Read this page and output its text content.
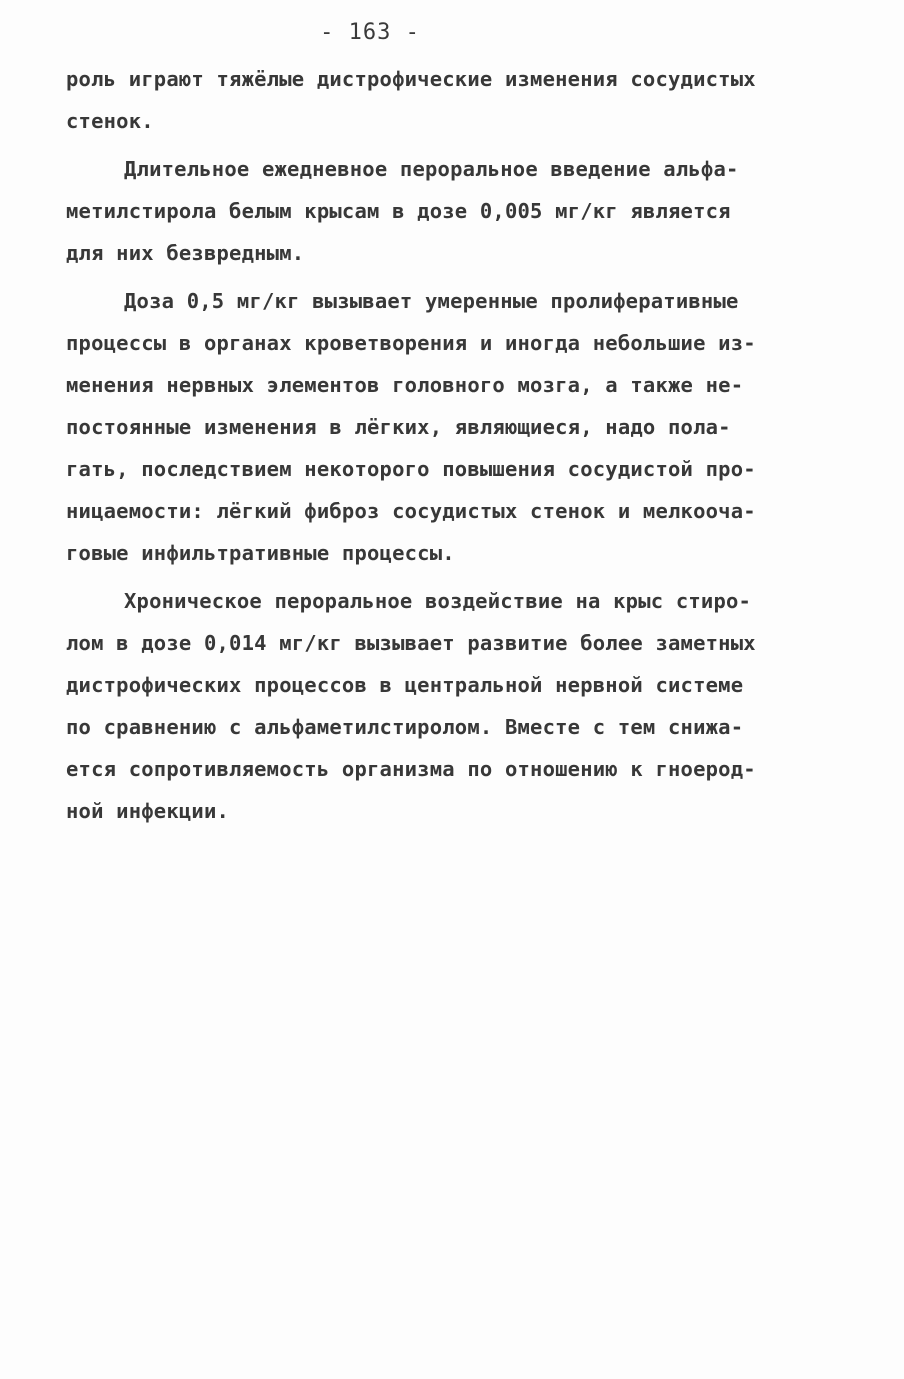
- 163 -
роль играют тяжёлые дистрофические изменения сосудистых
стенок.
Длительное ежедневное пероральное введение альфа-
метилстирола белым крысам в дозе 0,005 мг/кг является
для них безвредным.
Доза 0,5 мг/кг вызывает умеренные пролиферативные
процессы в органах кроветворения и иногда небольшие из-
менения нервных элементов головного мозга, а также не-
постоянные изменения в лёгких, являющиеся, надо пола-
гать, последствием некоторого повышения сосудистой про-
ницаемости: лёгкий фиброз сосудистых стенок и мелкоочa-
говые инфильтративные процессы.
Хроническое пероральное воздействие на крыс стиро-
лом в дозе 0,014 мг/кг вызывает развитие более заметных
дистрофических процессов в центральной нервной системе
по сравнению с альфаметилстиролом. Вместе с тем снижа-
ется сопротивляемость организма по отношению к гноерод-
ной инфекции.
